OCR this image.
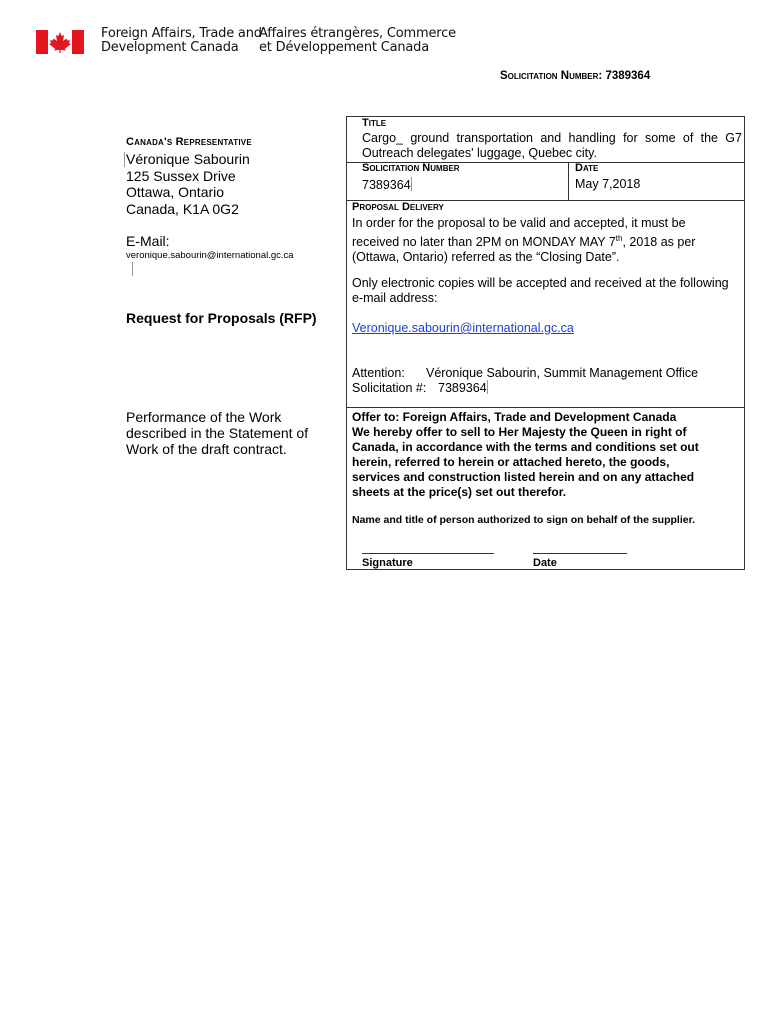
Foreign Affairs, Trade and
Development Canada
Affaires étrangères, Commerce
et Développement Canada
Solicitation Number: 7389364
Canada's Representative
Véronique Sabourin
125 Sussex Drive
Ottawa, Ontario
Canada, K1A 0G2
E-Mail:
veronique.sabourin@international.gc.ca
Request for Proposals (RFP)
Performance of the Work described in the Statement of Work of the draft contract.
Title
Cargo_ ground transportation and handling for some of the G7
Outreach delegates' luggage, Quebec city.
Solicitation Number
7389364
Date
May 7,2018
Proposal Delivery
In order for the proposal to be valid and accepted, it must be
received no later than 2PM on MONDAY MAY 7th, 2018 as per
(Ottawa, Ontario) referred as the “Closing Date”.
Only electronic copies will be accepted and received at the following
e-mail address:
Veronique.sabourin@international.gc.ca
Attention: Véronique Sabourin, Summit Management Office
Solicitation #: 7389364
Offer to: Foreign Affairs, Trade and Development Canada
We hereby offer to sell to Her Majesty the Queen in right of
Canada, in accordance with the terms and conditions set out
herein, referred to herein or attached hereto, the goods,
services and construction listed herein and on any attached
sheets at the price(s) set out therefor.
Name and title of person authorized to sign on behalf of the supplier.
Signature	Date
